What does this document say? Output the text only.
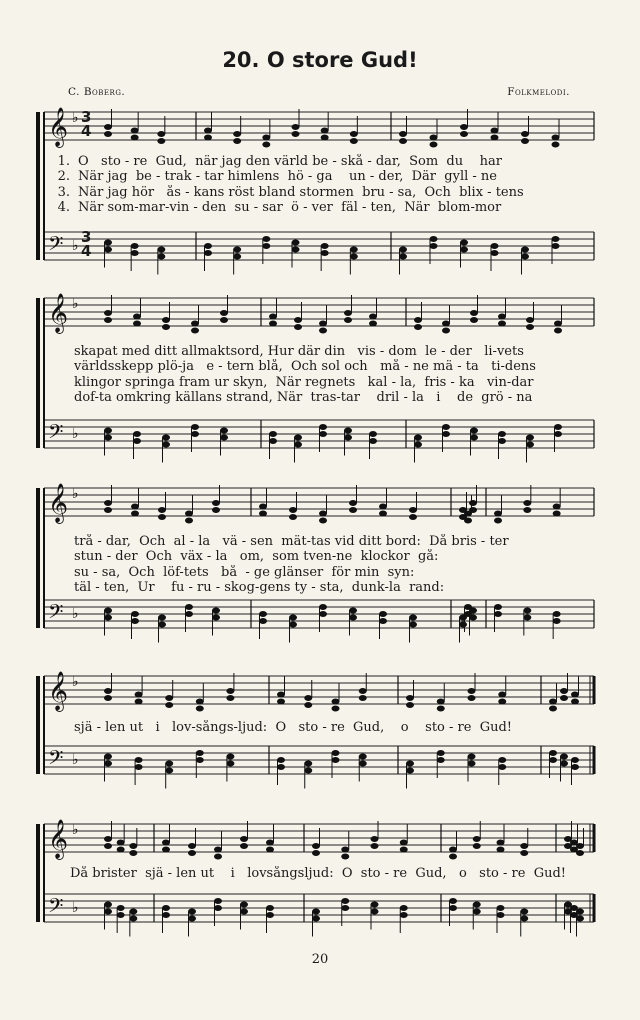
20. O store Gud!
C. Boberg.	Folkmelodi.
𝄞 ♭
𝄢 ♭
1. O   sto - re  Gud,  när jag den värld be - skå - dar,  Som  du    har
2. När jag  be - trak - tar himlens  hö - ga    un - der,  Där  gyll - ne
3. När jag hör   ås - kans röst bland stormen  bru - sa,  Och  blix - tens
4. När som-mar-vin - den  su - sar  ö - ver  fäl - ten,  När  blom-mor
3
4
3
4
𝄞 ♭
𝄢 ♭
skapat med ditt allmaktsord, Hur där din   vis - dom  le - der   li-vets
världsskepp plö-ja   e - tern blå,  Och sol och   må - ne mä - ta   ti-dens
klingor springa fram ur skyn,  När regnets   kal - la,  fris - ka   vin-dar
dof-ta omkring källans strand, När  tras-tar    dril - la   i    de  grö - na
𝄞 ♭
𝄢 ♭
trå - dar,  Och  al - la   vä - sen  mät-tas vid ditt bord:  Då bris - ter
stun - der  Och  väx - la   om,  som tven-ne  klockor  gå:
su - sa,  Och  löf-tets   bå  - ge glänser  för min  syn:
täl - ten,  Ur    fu - ru - skog-gens ty - sta,  dunk-la  rand:
𝄞 ♭
𝄢 ♭
sjä - len ut   i   lov-sångs-ljud:  O   sto - re  Gud,    o    sto - re  Gud!
𝄞 ♭
𝄢 ♭
Då brister  sjä - len ut    i   lovsångsljud:  O  sto - re  Gud,   o   sto - re  Gud!
20
